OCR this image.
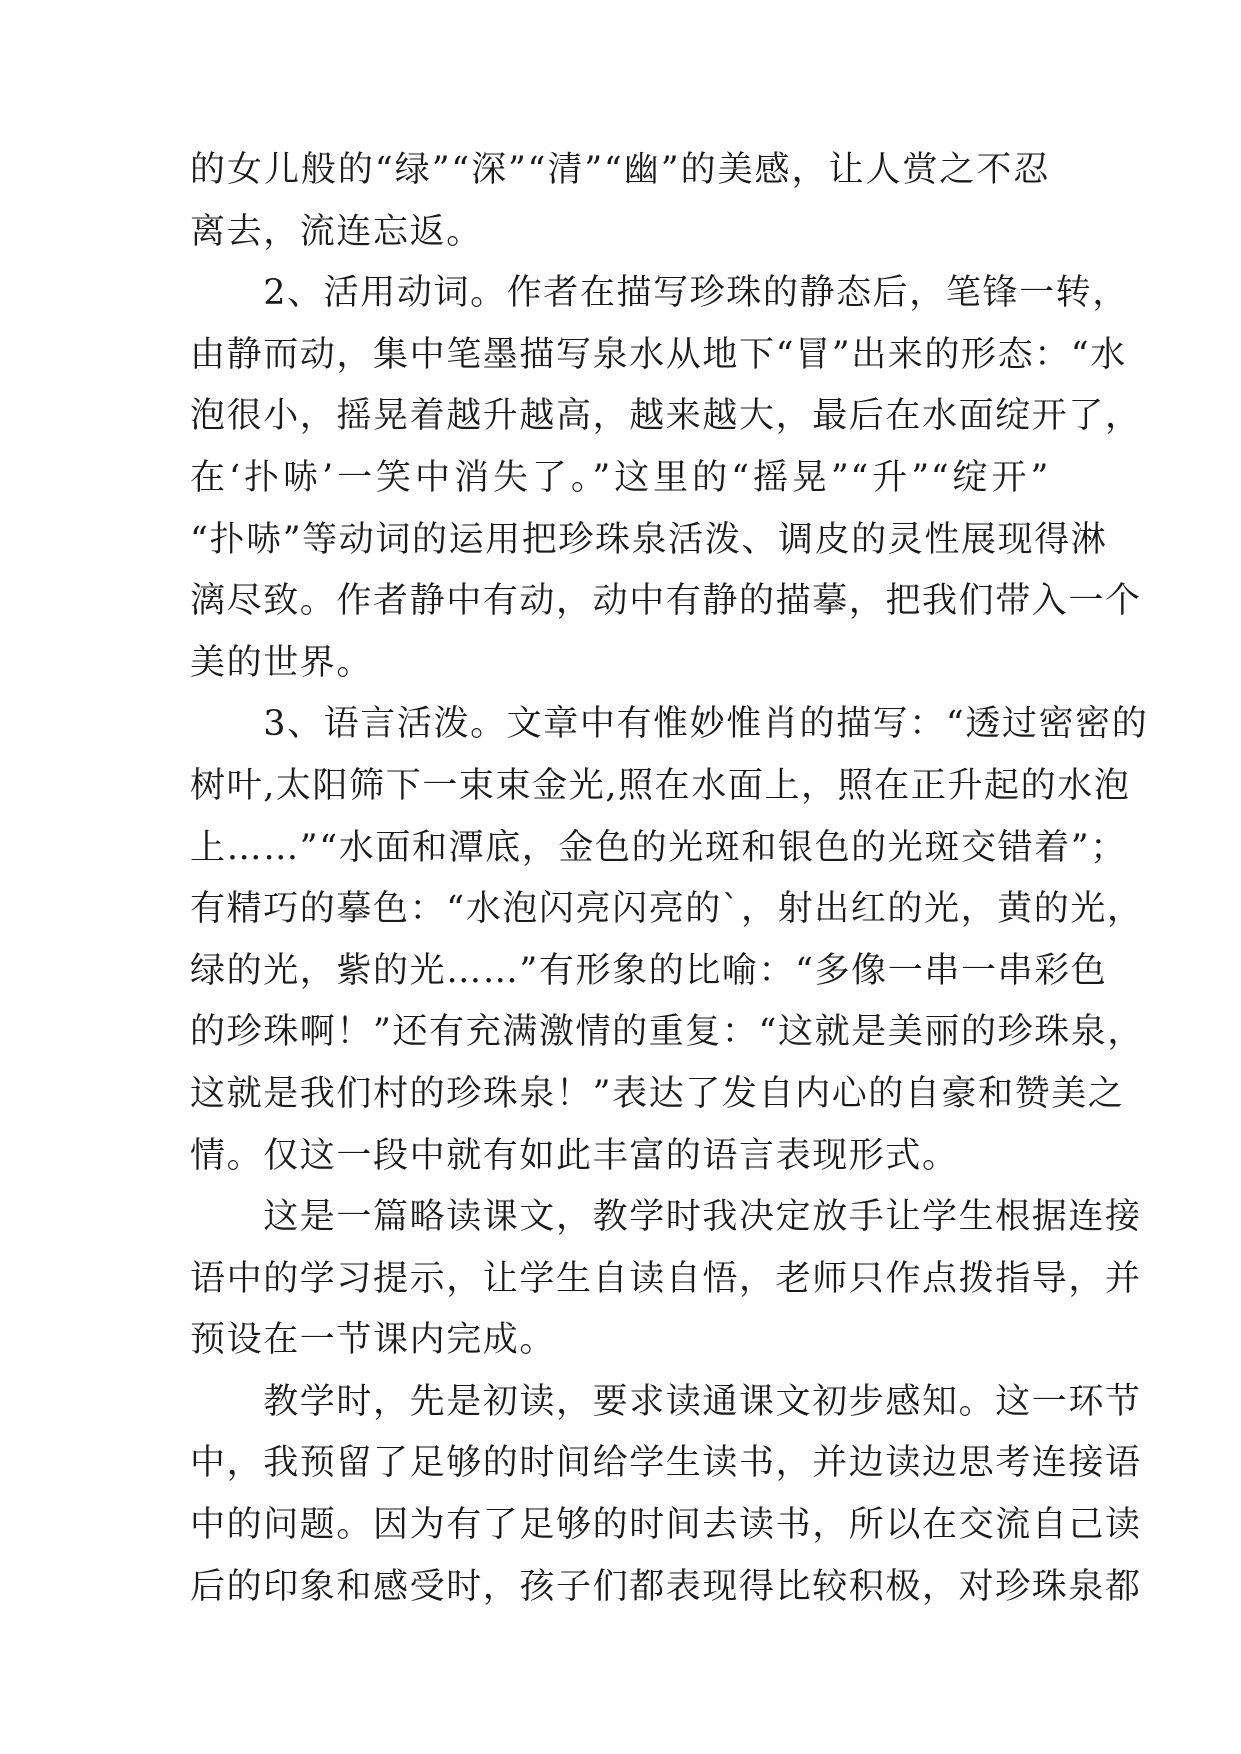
的女儿般的“绿”“深”“清”“幽”的美感，让人赏之不忍
离去，流连忘返。
　　2、活用动词。作者在描写珍珠的静态后，笔锋一转，
由静而动，集中笔墨描写泉水从地下“冒”出来的形态：“水
泡很小，摇晃着越升越高，越来越大，最后在水面绽开了，
在‘扑哧’一笑中消失了。”这里的“摇晃”“升”“绽开”
“扑哧”等动词的运用把珍珠泉活泼、调皮的灵性展现得淋
漓尽致。作者静中有动，动中有静的描摹，把我们带入一个
美的世界。
　　3、语言活泼。文章中有惟妙惟肖的描写：“透过密密的
树叶,太阳筛下一束束金光,照在水面上，照在正升起的水泡
上……”“水面和潭底，金色的光斑和银色的光斑交错着”；
有精巧的摹色：“水泡闪亮闪亮的`，射出红的光，黄的光，
绿的光，紫的光……”有形象的比喻：“多像一串一串彩色
的珍珠啊！”还有充满激情的重复：“这就是美丽的珍珠泉，
这就是我们村的珍珠泉！”表达了发自内心的自豪和赞美之
情。仅这一段中就有如此丰富的语言表现形式。
　　这是一篇略读课文，教学时我决定放手让学生根据连接
语中的学习提示，让学生自读自悟，老师只作点拨指导，并
预设在一节课内完成。
　　教学时，先是初读，要求读通课文初步感知。这一环节
中，我预留了足够的时间给学生读书，并边读边思考连接语
中的问题。因为有了足够的时间去读书，所以在交流自己读
后的印象和感受时，孩子们都表现得比较积极，对珍珠泉都
